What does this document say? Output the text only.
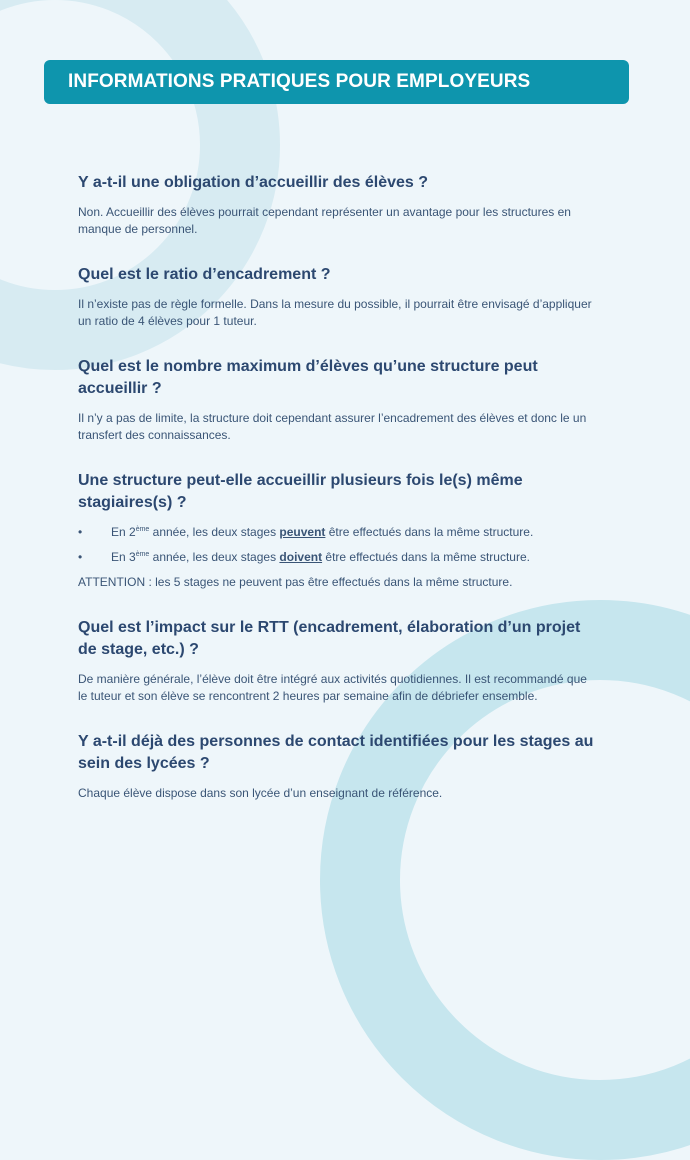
INFORMATIONS PRATIQUES POUR EMPLOYEURS
Y a-t-il une obligation d’accueillir des élèves ?

Non. Accueillir des élèves pourrait cependant représenter un avantage pour les structures en manque de personnel.

Quel est le ratio d’encadrement ?

Il n’existe pas de règle formelle. Dans la mesure du possible, il pourrait être envisagé d’appliquer un ratio de 4 élèves pour 1 tuteur.

Quel est le nombre maximum d’élèves qu’une structure peut accueillir ?

Il n’y a pas de limite, la structure doit cependant assurer l’encadrement des élèves et donc le un transfert des connaissances.

Une structure peut-elle accueillir plusieurs fois le(s) même stagiaires(s) ?
• En 2ème année, les deux stages peuvent être effectués dans la même structure.
• En 3ème année, les deux stages doivent être effectués dans la même structure.

ATTENTION : les 5 stages ne peuvent pas être effectués dans la même structure.

Quel est l’impact sur le RTT (encadrement, élaboration d’un projet de stage, etc.) ?

De manière générale, l’élève doit être intégré aux activités quotidiennes. Il est recommandé que le tuteur et son élève se rencontrent 2 heures par semaine afin de débriefer ensemble.

Y a-t-il déjà des personnes de contact identifiées pour les stages au sein des lycées ?

Chaque élève dispose dans son lycée d’un enseignant de référence.
